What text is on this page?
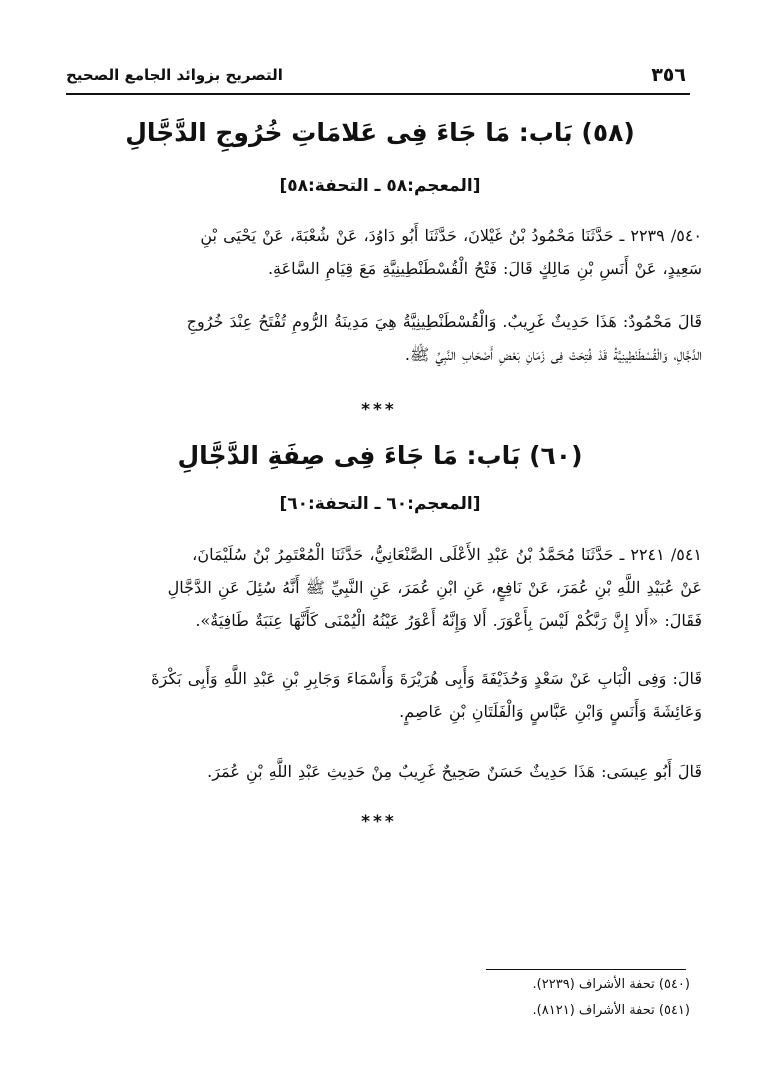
٣٥٦
التصريح بزوائد الجامع الصحيح
(٥٨) بَاب: مَا جَاءَ فِى عَلامَاتِ خُرُوجِ الدَّجَّالِ
[المعجم:٥٨ ـ التحفة:٥٨]
٥٤٠/ ٢٢٣٩ ـ حَدَّثَنَا مَحْمُودُ بْنُ غَيْلانَ، حَدَّثَنَا أَبُو دَاوُدَ، عَنْ شُعْبَةَ، عَنْ يَحْيَى بْنِ
سَعِيدٍ، عَنْ أَنَسِ بْنِ مَالِكٍ قَالَ: فَتْحُ الْقُسْطَنْطِينِيَّةِ مَعَ قِيَامِ السَّاعَةِ.
قَالَ مَحْمُودٌ: هَذَا حَدِيثٌ غَرِيبٌ. وَالْقُسْطَنْطِينِيَّةُ هِيَ مَدِينَةُ الرُّومِ تُفْتَحُ عِنْدَ خُرُوجِ
الدَّجَّالِ، وَالْقُسْطَنْطِينِيَّةُ قَدْ فُتِحَتْ فِى زَمَانِ بَعْضِ أَصْحَابِ النَّبِيِّ ﷺ.
***
(٦٠) بَاب: مَا جَاءَ فِى صِفَةِ الدَّجَّالِ
[المعجم:٦٠ ـ التحفة:٦٠]
٥٤١/ ٢٢٤١ ـ حَدَّثَنَا مُحَمَّدُ بْنُ عَبْدِ الأَعْلَى الصَّنْعَانِيُّ، حَدَّثَنَا الْمُعْتَمِرُ بْنُ سُلَيْمَانَ،
عَنْ عُبَيْدِ اللَّهِ بْنِ عُمَرَ، عَنْ نَافِعٍ، عَنِ ابْنِ عُمَرَ، عَنِ النَّبِيِّ ﷺ أَنَّهُ سُئِلَ عَنِ الدَّجَّالِ
فَقَالَ: «أَلا إِنَّ رَبَّكُمْ لَيْسَ بِأَعْوَرَ. أَلا وَإِنَّهُ أَعْوَرُ عَيْنُهُ الْيُمْنَى كَأَنَّهَا عِنَبَةٌ طَافِيَةٌ».
قَالَ: وَفِى الْبَابِ عَنْ سَعْدٍ وَحُذَيْفَةَ وَأَبِى هُرَيْرَةَ وَأَسْمَاءَ وَجَابِرِ بْنِ عَبْدِ اللَّهِ وَأَبِى بَكْرَةَ
وَعَائِشَةَ وَأَنَسٍ وَابْنِ عَبَّاسٍ وَالْفَلَتَانِ بْنِ عَاصِمٍ.
قَالَ أَبُو عِيسَى: هَذَا حَدِيثٌ حَسَنٌ صَحِيحٌ غَرِيبٌ مِنْ حَدِيثِ عَبْدِ اللَّهِ بْنِ عُمَرَ.
***
(٥٤٠) تحفة الأشراف (٢٢٣٩).
(٥٤١) تحفة الأشراف (٨١٢١).
